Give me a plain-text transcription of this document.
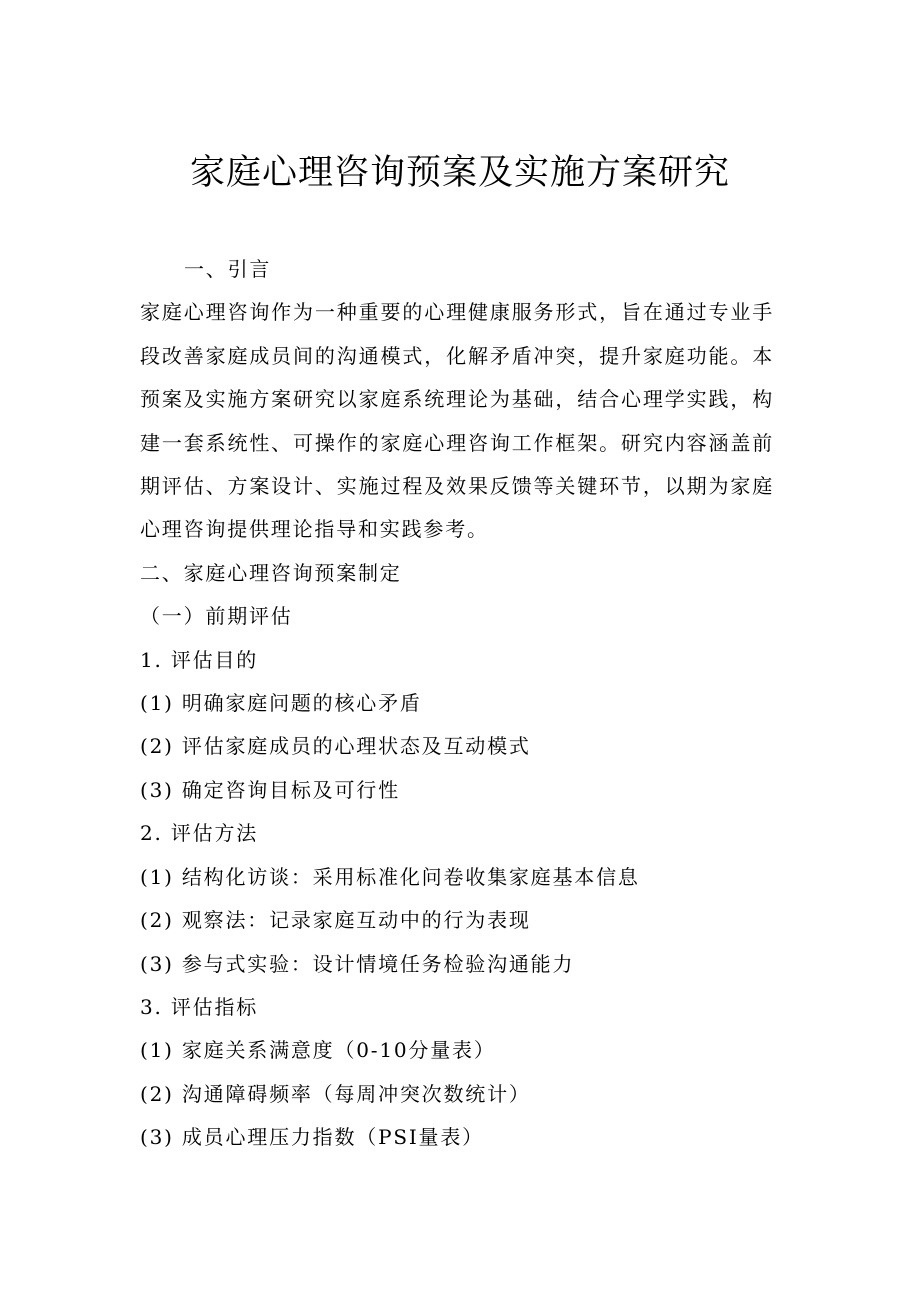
家庭心理咨询预案及实施方案研究

一、引言

家庭心理咨询作为一种重要的心理健康服务形式，旨在通过专业手段改善家庭成员间的沟通模式，化解矛盾冲突，提升家庭功能。本预案及实施方案研究以家庭系统理论为基础，结合心理学实践，构建一套系统性、可操作的家庭心理咨询工作框架。研究内容涵盖前期评估、方案设计、实施过程及效果反馈等关键环节，以期为家庭心理咨询提供理论指导和实践参考。

二、家庭心理咨询预案制定

（一）前期评估

1. 评估目的

(1) 明确家庭问题的核心矛盾

(2) 评估家庭成员的心理状态及互动模式

(3) 确定咨询目标及可行性

2. 评估方法

(1) 结构化访谈：采用标准化问卷收集家庭基本信息

(2) 观察法：记录家庭互动中的行为表现

(3) 参与式实验：设计情境任务检验沟通能力

3. 评估指标

(1) 家庭关系满意度（0-10分量表）

(2) 沟通障碍频率（每周冲突次数统计）

(3) 成员心理压力指数（PSI量表）
